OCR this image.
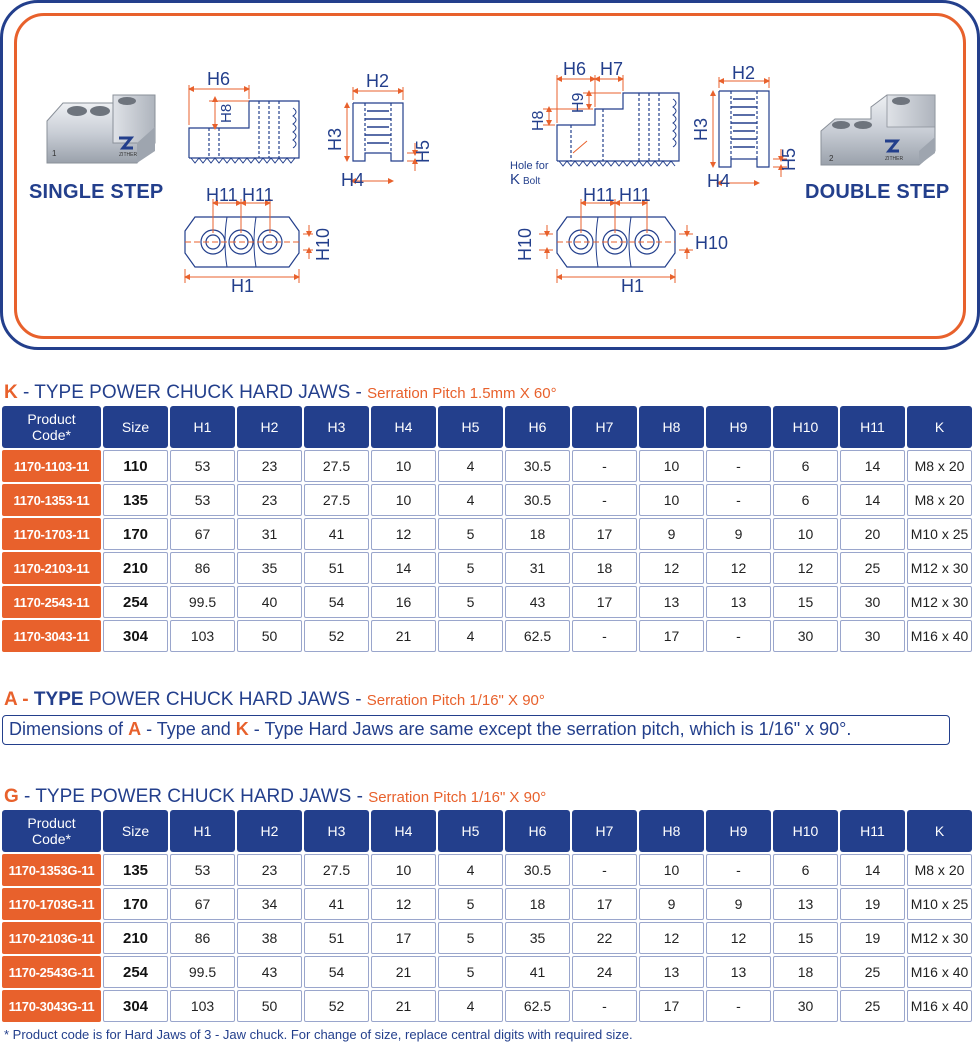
1	ZITHER
H6
H8
H2
H3
H4
H5
H11 H11
H10
H1
H6 H7
H8
H9
Hole for
K Bolt
H2
H3
H4
H5	2	ZITHER
H11 H11
H10	H10
H1
SINGLE STEP	DOUBLE STEP
K - TYPE POWER CHUCK HARD JAWS - Serration Pitch 1.5mm X 60°
Product
Code*	Size	H1	H2	H3	H4	H5	H6	H7	H8	H9	H10	H11	K
1170-1103-11	110	53	23	27.5	10	4	30.5	-	10	-	6	14	M8 x 20
1170-1353-11	135	53	23	27.5	10	4	30.5	-	10	-	6	14	M8 x 20
1170-1703-11	170	67	31	41	12	5	18	17	9	9	10	20	M10 x 25
1170-2103-11	210	86	35	51	14	5	31	18	12	12	12	25	M12 x 30
1170-2543-11	254	99.5	40	54	16	5	43	17	13	13	15	30	M12 x 30
1170-3043-11	304	103	50	52	21	4	62.5	-	17	-	30	30	M16 x 40
A - TYPE POWER CHUCK HARD JAWS - Serration Pitch 1/16" X 90°
Dimensions of A - Type and K - Type Hard Jaws are same except the serration pitch, which is 1/16" x 90°.
G - TYPE POWER CHUCK HARD JAWS - Serration Pitch 1/16" X 90°
Product
Code*	Size	H1	H2	H3	H4	H5	H6	H7	H8	H9	H10	H11	K
1170-1353G-11	135	53	23	27.5	10	4	30.5	-	10	-	6	14	M8 x 20
1170-1703G-11	170	67	34	41	12	5	18	17	9	9	13	19	M10 x 25
1170-2103G-11	210	86	38	51	17	5	35	22	12	12	15	19	M12 x 30
1170-2543G-11	254	99.5	43	54	21	5	41	24	13	13	18	25	M16 x 40
1170-3043G-11	304	103	50	52	21	4	62.5	-	17	-	30	25	M16 x 40
* Product code is for Hard Jaws of 3 - Jaw chuck. For change of size, replace central digits with required size.
